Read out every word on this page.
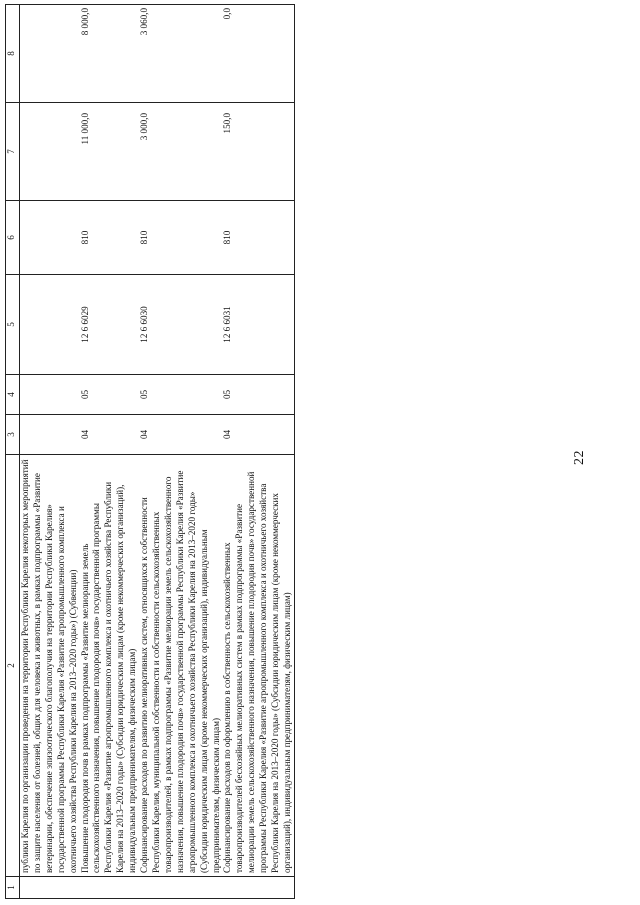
22
1	2	3	4	5	6	7	8
	публики Карелия по организации проведения на территории Республики Карелия некоторых мероприятий по защите населения от болезней, общих для человека и животных, в рамках подпрограммы «Развитие ветеринарии, обеспечение эпизоотического благополучия на территории Республики Карелия» государственной программы Республики Карелия «Развитие агропромышленного комплекса и охотничьего хозяйства Республики Карелия на 2013–2020 годы») (Субвенции)						
	Повышение плодородия почв в рамках подпрограммы «Развитие мелиорации земель сельскохозяйственного назначения, повышение плодородия почв» государственной программы Республики Карелия «Развитие агропромышленного комплекса и охотничьего хозяйства Республики Карелия на 2013–2020 годы» (Субсидии юридическим лицам (кроме некоммерческих организаций), индивидуальным предпринимателям, физическим лицам)	04	05	12 6 6029	810	11 000,0	8 000,0
	Софинансирование расходов по развитию мелиоративных систем, относящихся к собственности Республики Карелия, муниципальной собственности и собственности сельскохозяйственных товаропроизводителей, в рамках подпрограммы «Развитие мелиорации земель сельскохозяйственного назначения, повышение плодородия почв» государственной программы Республики Карелия «Развитие агропромышленного комплекса и охотничьего хозяйства Республики Карелия на 2013–2020 годы» (Субсидии юридическим лицам (кроме некоммерческих организаций), индивидуальным предпринимателям, физическим лицам)	04	05	12 6 6030	810	3 000,0	3 060,0
	Софинансирование расходов по оформлению в собственность сельскохозяйственных товаропроизводителей бесхозяйных мелиоративных систем в рамках подпрограммы «Развитие мелиорации земель сельскохозяйственного назначения, повышение плодородия почв» государственной программы Республики Карелия «Развитие агропромышленного комплекса и охотничьего хозяйства Республики Карелия на 2013–2020 годы» (Субсидии юридическим лицам (кроме некоммерческих организаций), индивидуальным предпринимателям, физическим лицам)	04	05	12 6 6031	810	150,0	0,0
